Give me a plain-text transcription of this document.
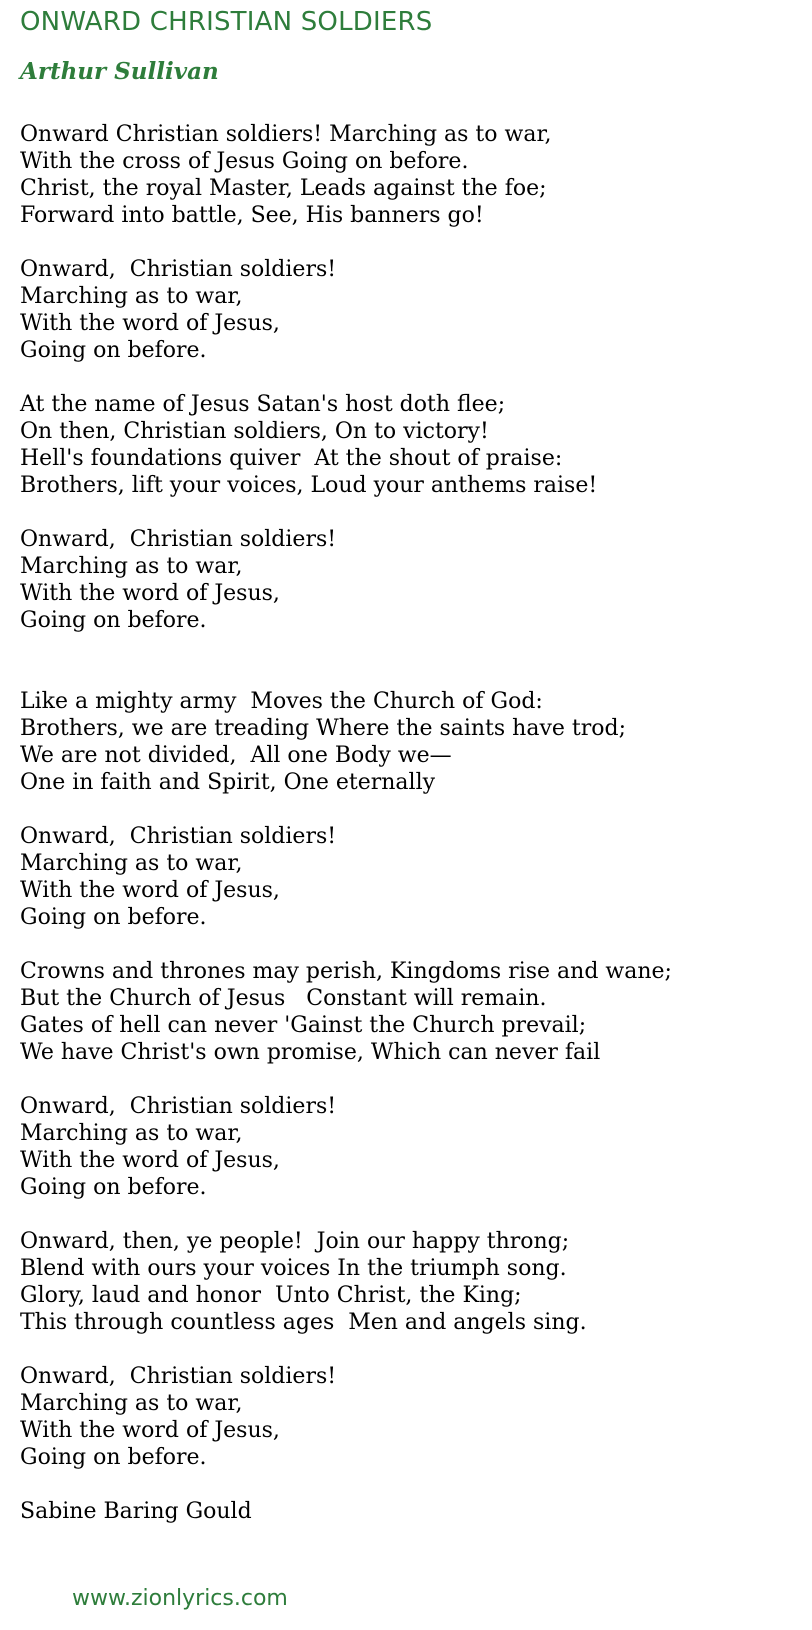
ONWARD CHRISTIAN SOLDIERS
Arthur Sullivan
Onward Christian soldiers! Marching as to war,
With the cross of Jesus Going on before.
Christ, the royal Master, Leads against the foe;
Forward into battle, See, His banners go!
Onward,  Christian soldiers!
Marching as to war,
With the word of Jesus,
Going on before.
At the name of Jesus Satan's host doth flee;
On then, Christian soldiers, On to victory!
Hell's foundations quiver  At the shout of praise:
Brothers, lift your voices, Loud your anthems raise!
Onward,  Christian soldiers!
Marching as to war,
With the word of Jesus,
Going on before.
Like a mighty army  Moves the Church of God:
Brothers, we are treading Where the saints have trod;
We are not divided,  All one Body we—
One in faith and Spirit, One eternally
Onward,  Christian soldiers!
Marching as to war,
With the word of Jesus,
Going on before.
Crowns and thrones may perish, Kingdoms rise and wane;
But the Church of Jesus   Constant will remain.
Gates of hell can never 'Gainst the Church prevail;
We have Christ's own promise, Which can never fail
Onward,  Christian soldiers!
Marching as to war,
With the word of Jesus,
Going on before.
Onward, then, ye people!  Join our happy throng;
Blend with ours your voices In the triumph song.
Glory, laud and honor  Unto Christ, the King;
This through countless ages  Men and angels sing.
Onward,  Christian soldiers!
Marching as to war,
With the word of Jesus,
Going on before.
Sabine Baring Gould
www.zionlyrics.com
